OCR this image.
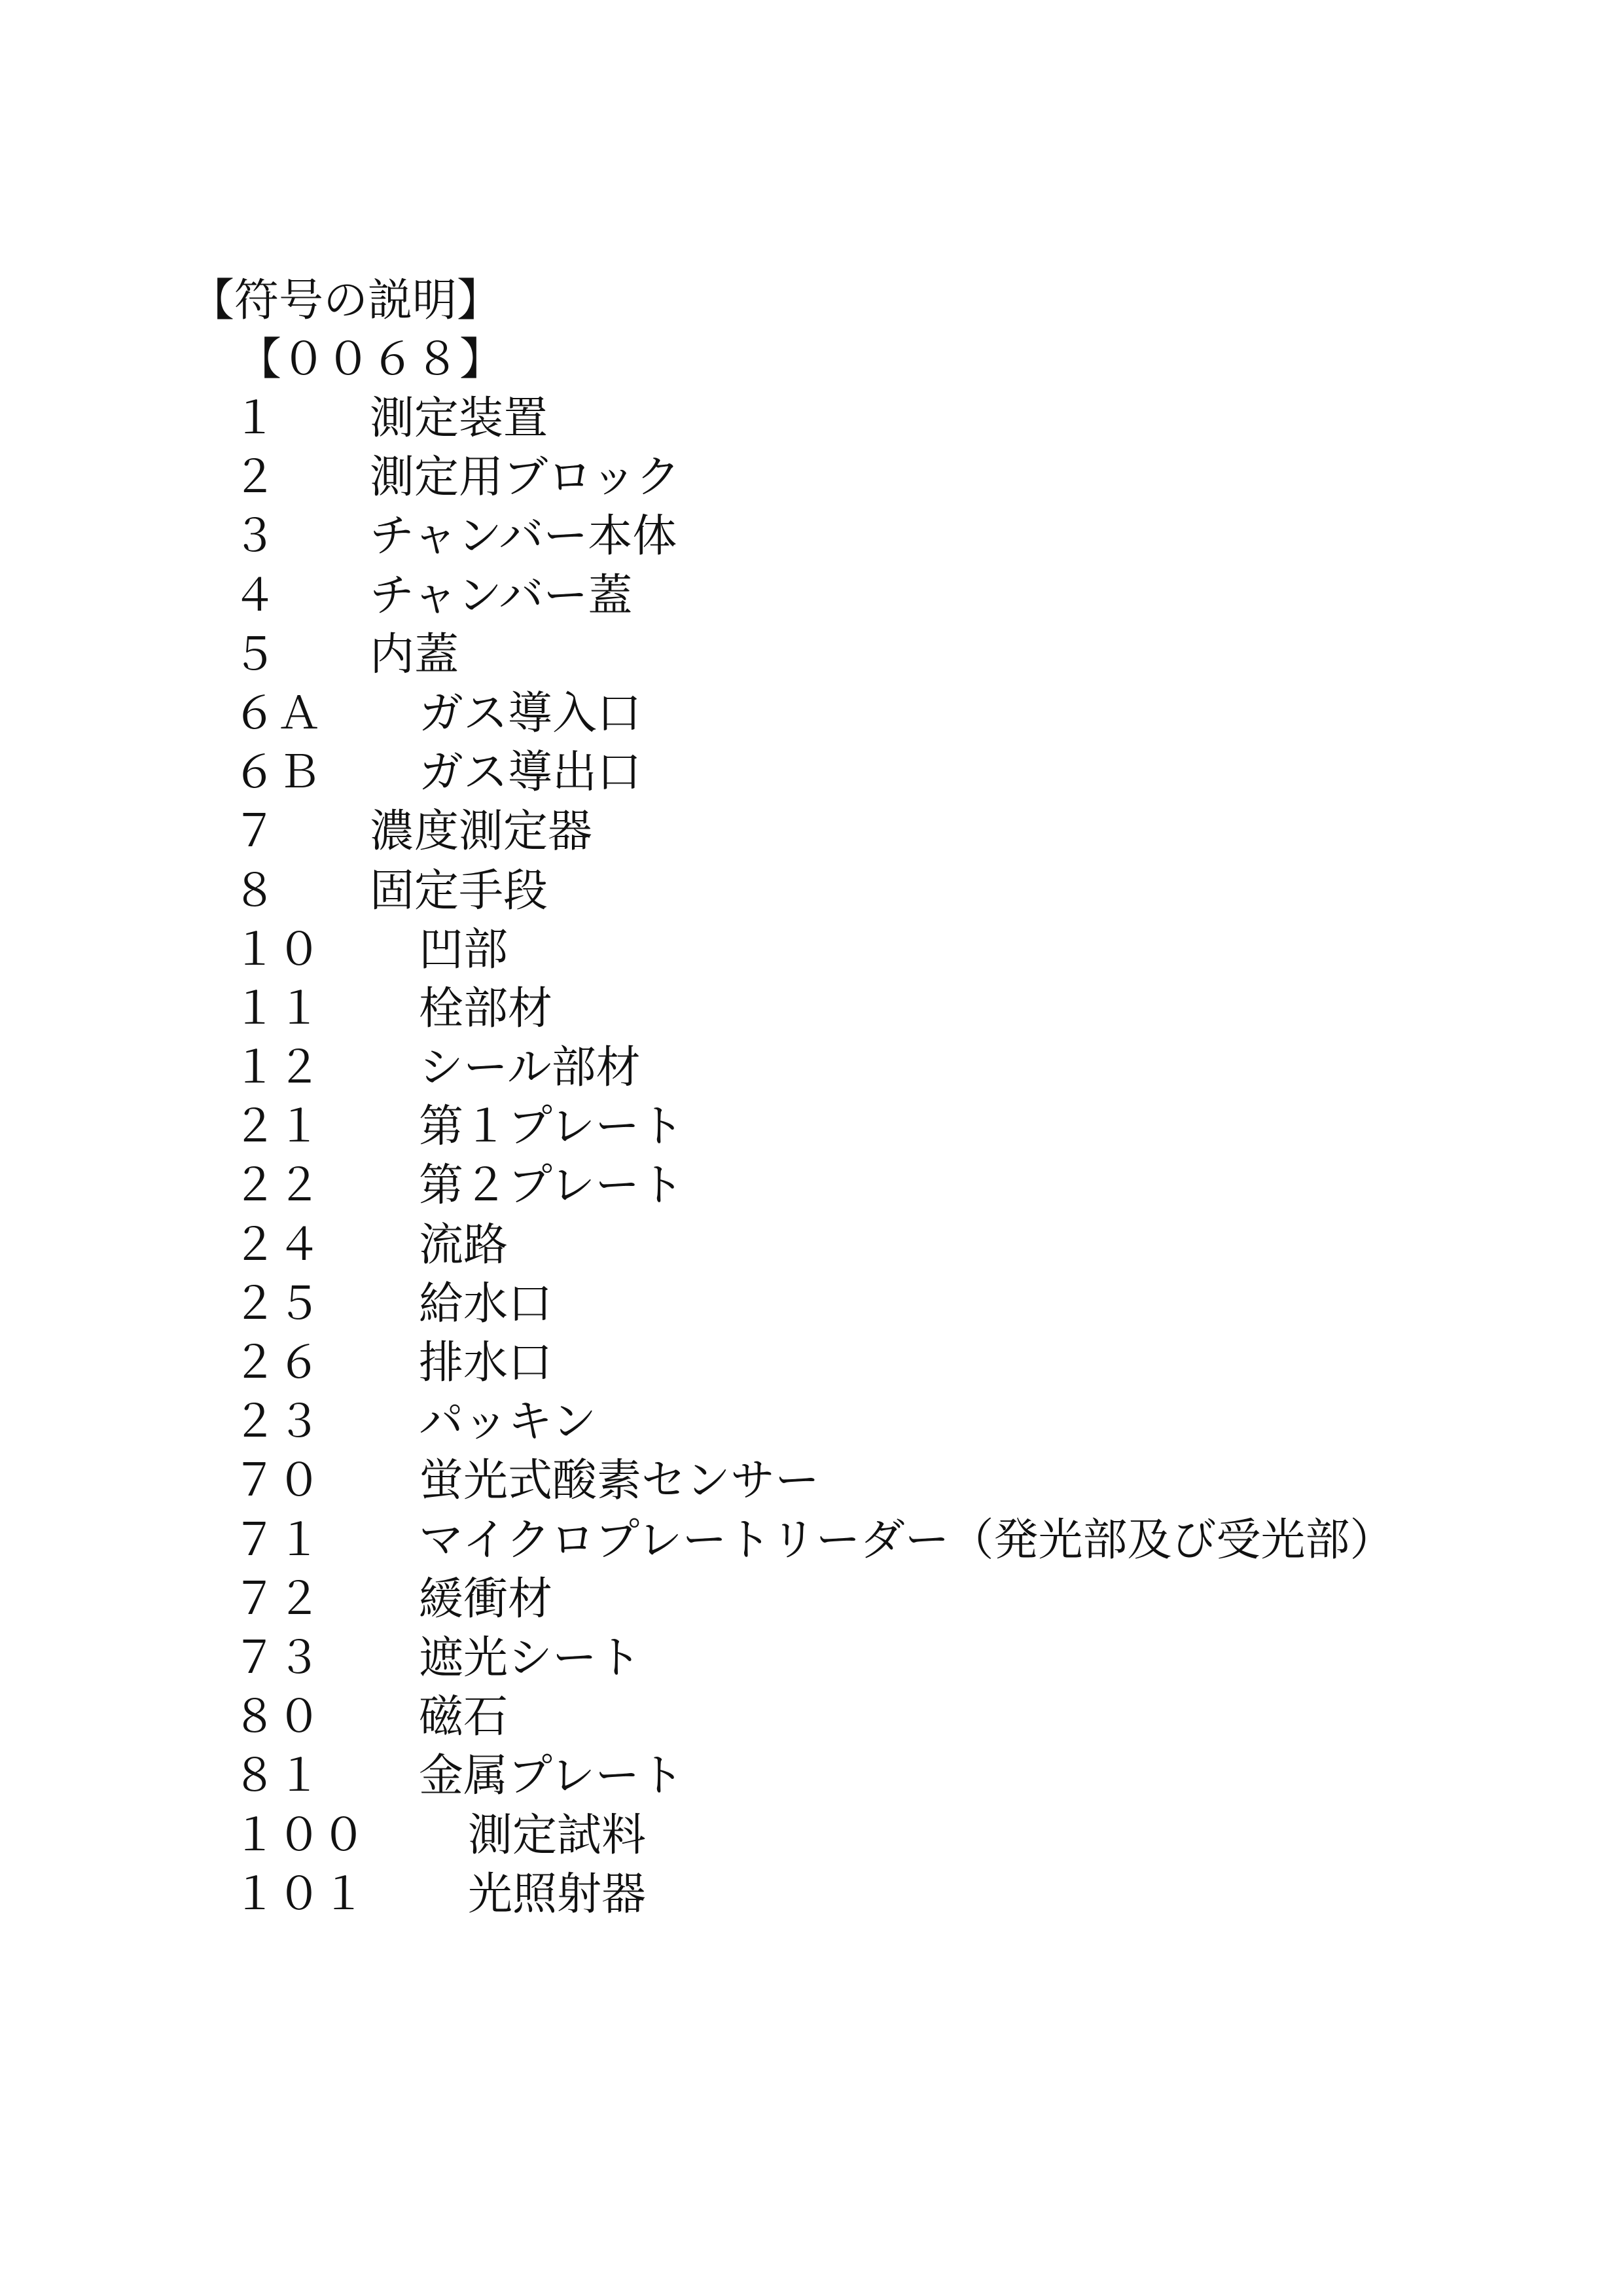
【符号の説明】
【００６８】
１ 測定装置
２ 測定用ブロック
３ チャンバー本体
４ チャンバー蓋
５ 内蓋
６Ａ ガス導入口
６Ｂ ガス導出口
７ 濃度測定器
８ 固定手段
１０ 凹部
１１ 栓部材
１２ シール部材
２１ 第１プレート
２２ 第２プレート
２４ 流路
２５ 給水口
２６ 排水口
２３ パッキン
７０ 蛍光式酸素センサー
７１ マイクロプレートリーダー（発光部及び受光部）
７２ 緩衝材
７３ 遮光シート
８０ 磁石
８１ 金属プレート
１００ 測定試料
１０１ 光照射器
